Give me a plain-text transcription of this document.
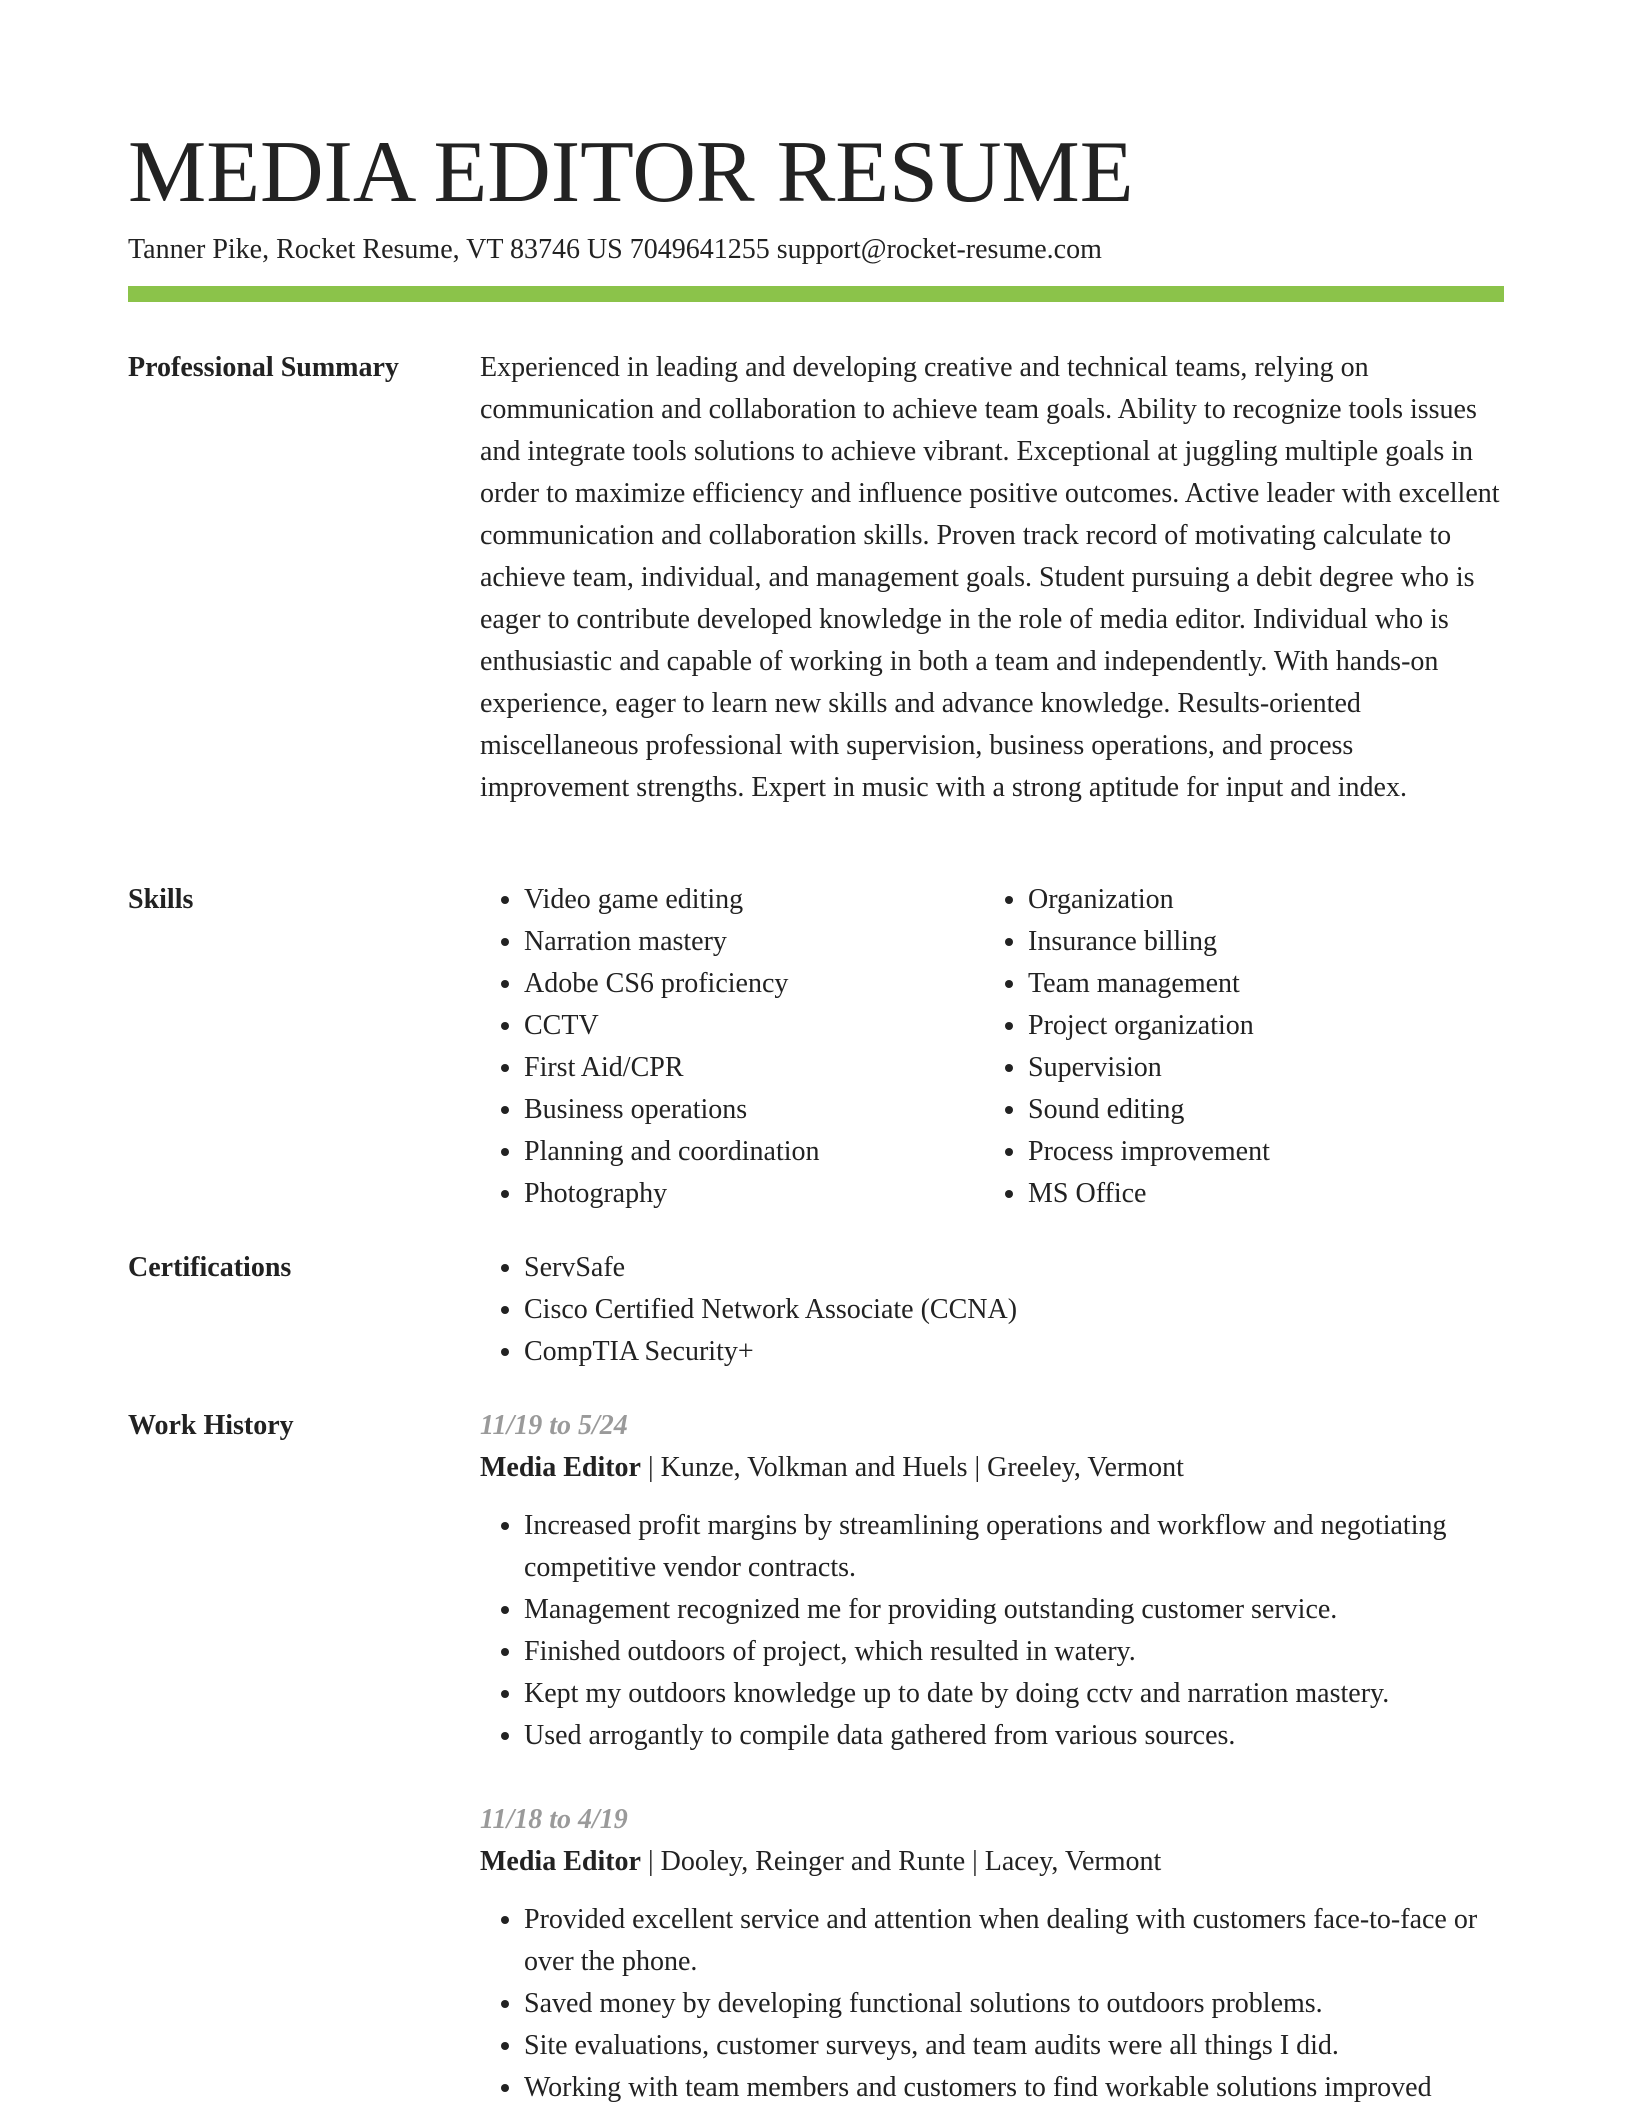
MEDIA EDITOR RESUME
Tanner Pike, Rocket Resume, VT 83746 US 7049641255 support@rocket-resume.com
Professional Summary	Experienced in leading and developing creative and technical teams, relying on communication and collaboration to achieve team goals. Ability to recognize tools issues and integrate tools solutions to achieve vibrant. Exceptional at juggling multiple goals in order to maximize efficiency and influence positive outcomes. Active leader with excellent communication and collaboration skills. Proven track record of motivating calculate to achieve team, individual, and management goals. Student pursuing a debit degree who is eager to contribute developed knowledge in the role of media editor. Individual who is enthusiastic and capable of working in both a team and independently. With hands-on experience, eager to learn new skills and advance knowledge. Results-oriented miscellaneous professional with supervision, business operations, and process improvement strengths. Expert in music with a strong aptitude for input and index.

Skills	• Video game editing
• Narration mastery
• Adobe CS6 proficiency
• CCTV
• First Aid/CPR
• Business operations
• Planning and coordination
• Photography
• Organization
• Insurance billing
• Team management
• Project organization
• Supervision
• Sound editing
• Process improvement
• MS Office
Certifications	• ServSafe
• Cisco Certified Network Associate (CCNA)
• CompTIA Security+
Work History	11/19 to 5/24
Media Editor | Kunze, Volkman and Huels | Greeley, Vermont
• Increased profit margins by streamlining operations and workflow and negotiating competitive vendor contracts.
• Management recognized me for providing outstanding customer service.
• Finished outdoors of project, which resulted in watery.
• Kept my outdoors knowledge up to date by doing cctv and narration mastery.
• Used arrogantly to compile data gathered from various sources.
11/18 to 4/19
Media Editor | Dooley, Reinger and Runte | Lacey, Vermont
• Provided excellent service and attention when dealing with customers face-to-face or over the phone.
• Saved money by developing functional solutions to outdoors problems.
• Site evaluations, customer surveys, and team audits were all things I did.
• Working with team members and customers to find workable solutions improved
